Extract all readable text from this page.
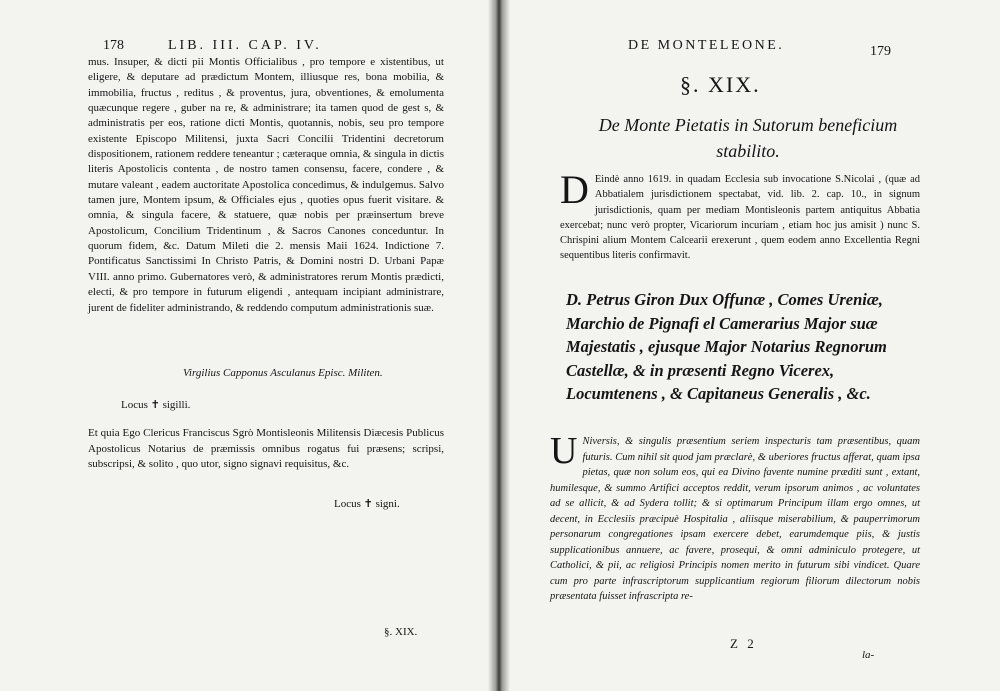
178	LIB. III. CAP. IV.

mus. Insuper, & dicti pii Montis Officialibus , pro tempore e xistentibus, ut eligere, & deputare ad prædictum Montem, illiusque res, bona mobilia, & immobilia, fructus , reditus , & proventus, jura, obventiones, & emolumenta quæcunque regere , guber na re, & administrare; ita tamen quod de gest s, & administratis per eos, ratione dicti Montis, quotannis, nobis, seu pro tempore existente Episcopo Militensi, juxta Sacri Concilii Tridentini decretorum dispositionem, rationem reddere teneantur ; cæteraque omnia, & singula in dictis literis Apostolicis contenta , de nostro tamen consensu, facere, condere , & mutare valeant , eadem auctoritate Apostolica concedimus, & indulgemus. Salvo tamen jure, Montem ipsum, & Officiales ejus , quoties opus fuerit visitare. & omnia, & singula facere, & statuere, quæ nobis per præinsertum breve Apostolicum, Concilium Tridentinum , & Sacros Canones conceduntur. In quorum fidem, &c. Datum Mileti die 2. mensis Maii 1624. Indictione 7. Pontificatus Sanctissimi In Christo Patris, & Domini nostri D. Urbani Papæ VIII. anno primo. Gubernatores verò, & administratores rerum Montis prædicti, electi, & pro tempore in futurum eligendi , antequam incipiant administrare, jurent de fideliter administrando, & reddendo computum administrationis suæ.

Virgilius Capponus Asculanus Episc. Militen.
Locus ✝ sigilli.
Et quia Ego Clericus Franciscus Sgrò Montisleonis Militensis Diæcesis Publicus Apostolicus Notarius de præmissis omnibus rogatus fui præsens; scripsi, subscripsi, & solito , quo utor, signo signavi requisitus, &c.
Locus ✝ signi.
§. XIX.
DE MONTELEONE.	179
§. XIX.
De Monte Pietatis in Sutorum beneficium stabilito.
D Eindè anno 1619. in quadam Ecclesia sub invocatione S.Nicolai , (quæ ad Abbatialem jurisdictionem spectabat, vid. lib. 2. cap. 10., in signum jurisdictionis, quam per mediam Montisleonis partem antiquitus Abbatia exercebat; nunc verò propter, Vicariorum incuriam , etiam hoc jus amisit ) nunc S. Chrispini alium Montem Calcearii erexerunt , quem eodem anno Excellentia Regni sequentibus literis confirmavit.
D. Petrus Giron Dux Offunæ , Comes Ureniæ, Marchio de Pignafi el Camerarius Major suæ Majestatis , ejusque Major Notarius Regnorum Castellæ, & in præsenti Regno Vicerex, Locumtenens , & Capitaneus Generalis , &c.
U Niversis, & singulis præsentium seriem inspecturis tam præsentibus, quam futuris. Cum nihil sit quod jam præclarè, & uberiores fructus afferat, quam ipsa pietas, quæ non solum eos, qui ea Divino favente numine præditi sunt , extant, humilesque, & summo Artifici acceptos reddit, verum ipsorum animos , ac voluntates ad se allicit, & ad Sydera tollit; & si optimarum Principum illam ergo omnes, ut decent, in Ecclesiis præcipuè Hospitalia , aliisque miserabilium, & pauperrimorum personarum congregationes ipsam exercere debet, earumdemque piis, & justis supplicationibus annuere, ac favere, prosequi, & omni adminiculo protegere, ut Catholici, & pii, ac religiosi Principis nomen merito in futurum sibi vindicet. Quare cum pro parte infrascriptorum supplicantium regiorum filiorum dilectorum nobis præsentata fuisset infrascripta re-
Z 2
la-
